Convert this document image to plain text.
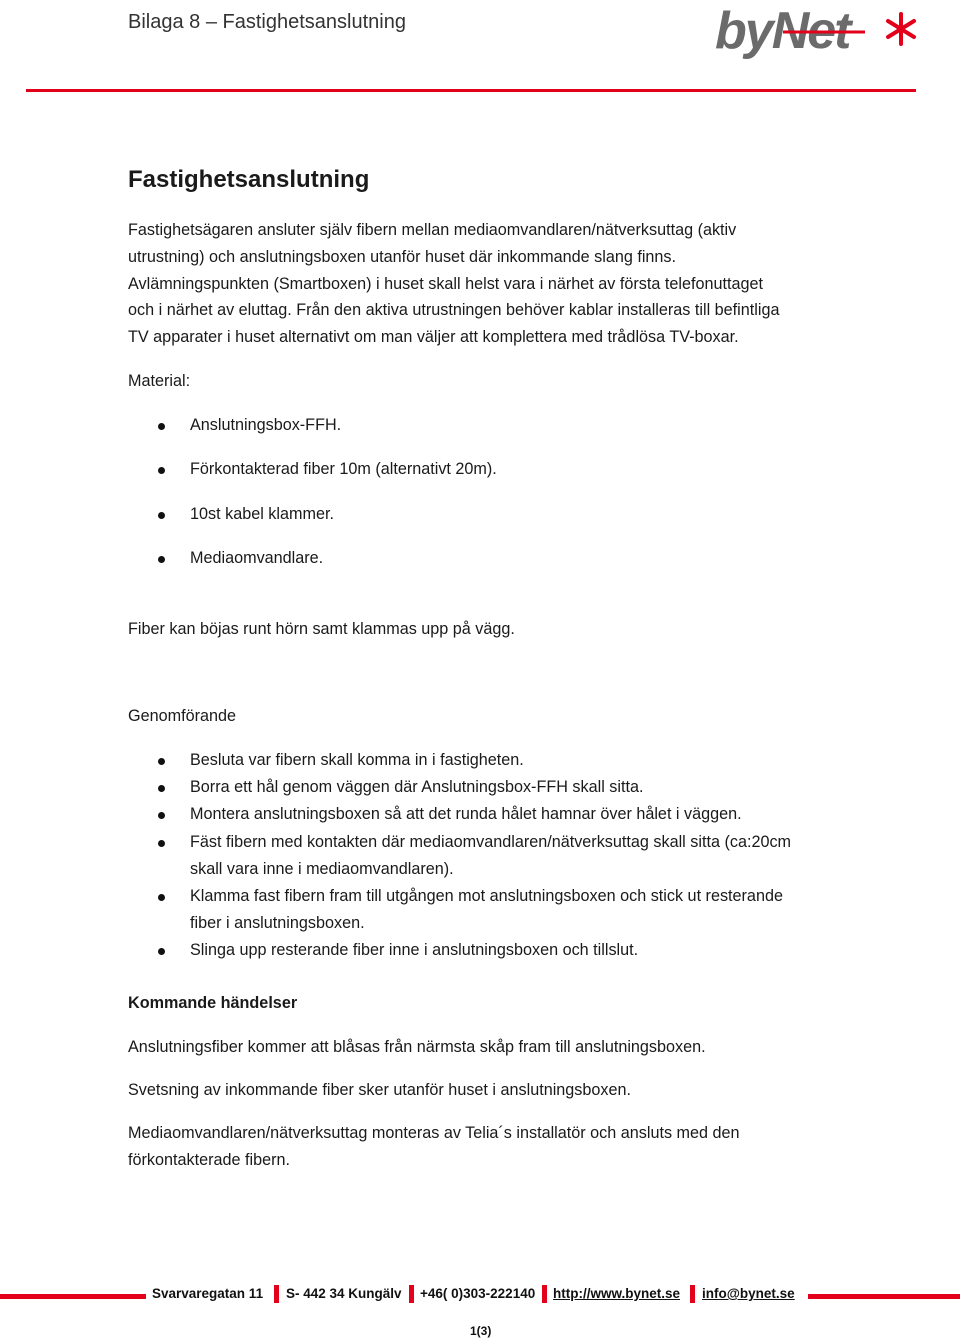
Bilaga 8 – Fastighetsanslutning	byNet
Fastighetsanslutning
Fastighetsägaren ansluter själv fibern mellan mediaomvandlaren/nätverksuttag (aktiv
utrustning) och anslutningsboxen utanför huset där inkommande slang finns.
Avlämningspunkten (Smartboxen) i huset skall helst vara i närhet av första telefonuttaget
och i närhet av eluttag. Från den aktiva utrustningen behöver kablar installeras till befintliga
TV apparater i huset alternativt om man väljer att komplettera med trådlösa TV-boxar.
Material:
Anslutningsbox-FFH.
Förkontakterad fiber 10m (alternativt 20m).
10st kabel klammer.
Mediaomvandlare.
Fiber kan böjas runt hörn samt klammas upp på vägg.
Genomförande
Besluta var fibern skall komma in i fastigheten.
Borra ett hål genom väggen där Anslutningsbox-FFH skall sitta.
Montera anslutningsboxen så att det runda hålet hamnar över hålet i väggen.
Fäst fibern med kontakten där mediaomvandlaren/nätverksuttag skall sitta (ca:20cm
skall vara inne i mediaomvandlaren).
Klamma fast fibern fram till utgången mot anslutningsboxen och stick ut resterande
fiber i anslutningsboxen.
Slinga upp resterande fiber inne i anslutningsboxen och tillslut.
Kommande händelser
Anslutningsfiber kommer att blåsas från närmsta skåp fram till anslutningsboxen.
Svetsning av inkommande fiber sker utanför huset i anslutningsboxen.
Mediaomvandlaren/nätverksuttag monteras av Telia´s installatör och ansluts med den
förkontakterade fibern.
Svarvaregatan 11 S- 442 34 Kungälv +46( 0)303-222140 http://www.bynet.se info@bynet.se
1(3)
